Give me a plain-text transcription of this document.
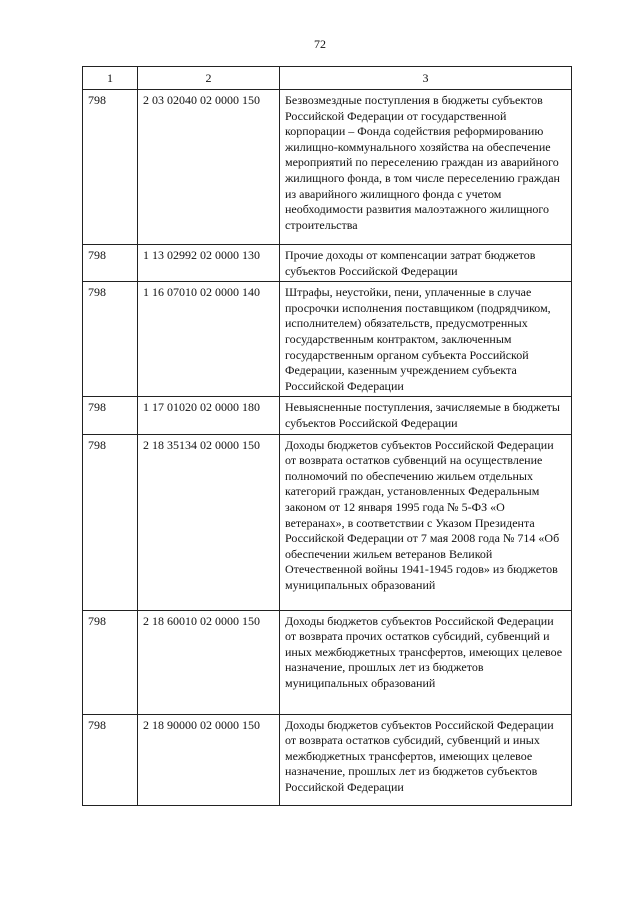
72
1	2	3
798	2 03 02040 02 0000 150	Безвозмездные поступления в бюджеты субъектов Российской Федерации от государственной корпорации – Фонда содействия реформированию жилищно-коммунального хозяйства на обеспечение мероприятий по переселению граждан из аварийного жилищного фонда, в том числе переселению граждан из аварийного жилищного фонда с учетом необходимости развития малоэтажного жилищного строительства
798	1 13 02992 02 0000 130	Прочие доходы от компенсации затрат бюджетов субъектов Российской Федерации
798	1 16 07010 02 0000 140	Штрафы, неустойки, пени, уплаченные в случае просрочки исполнения поставщиком (подрядчиком, исполнителем) обязательств, предусмотренных государственным контрактом, заключенным государственным органом субъекта Российской Федерации, казенным учреждением субъекта Российской Федерации
798	1 17 01020 02 0000 180	Невыясненные поступления, зачисляемые в бюджеты субъектов Российской Федерации
798	2 18 35134 02 0000 150	Доходы бюджетов субъектов Российской Федерации от возврата остатков субвенций на осуществление полномочий по обеспечению жильем отдельных категорий граждан, установленных Федеральным законом от 12 января 1995 года № 5-ФЗ «О ветеранах», в соответствии с Указом Президента Российской Федерации от 7 мая 2008 года № 714 «Об обеспечении жильем ветеранов Великой Отечественной войны 1941-1945 годов» из бюджетов муниципальных образований
798	2 18 60010 02 0000 150	Доходы бюджетов субъектов Российской Федерации от возврата прочих остатков субсидий, субвенций и иных межбюджетных трансфертов, имеющих целевое назначение, прошлых лет из бюджетов муниципальных образований
798	2 18 90000 02 0000 150	Доходы бюджетов субъектов Российской Федерации от возврата остатков субсидий, субвенций и иных межбюджетных трансфертов, имеющих целевое назначение, прошлых лет из бюджетов субъектов Российской Федерации
